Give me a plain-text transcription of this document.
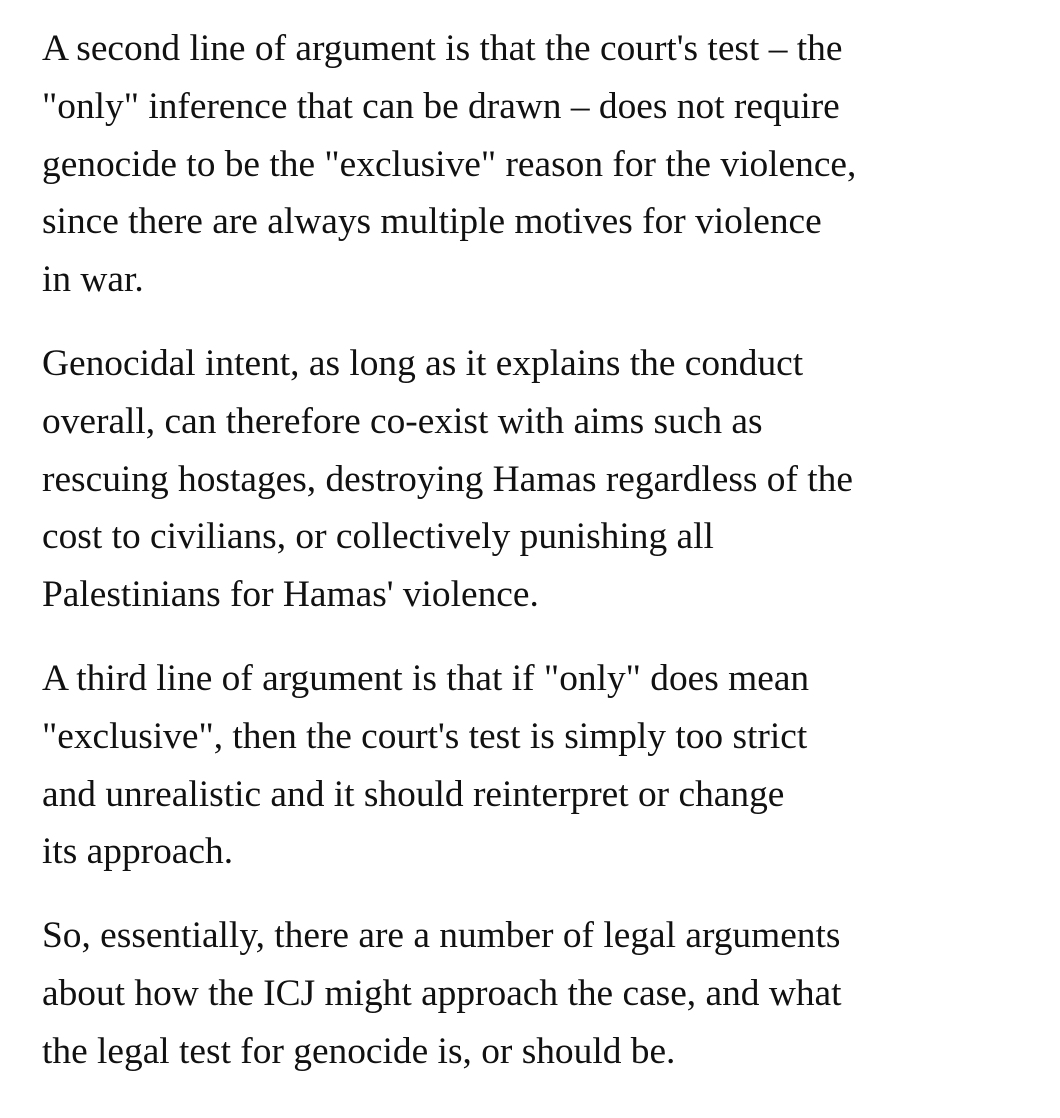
A second line of argument is that the court's test – the
"only" inference that can be drawn – does not require
genocide to be the "exclusive" reason for the violence,
since there are always multiple motives for violence
in war.

Genocidal intent, as long as it explains the conduct
overall, can therefore co-exist with aims such as
rescuing hostages, destroying Hamas regardless of the
cost to civilians, or collectively punishing all
Palestinians for Hamas' violence.

A third line of argument is that if "only" does mean
"exclusive", then the court's test is simply too strict
and unrealistic and it should reinterpret or change
its approach.

So, essentially, there are a number of legal arguments
about how the ICJ might approach the case, and what
the legal test for genocide is, or should be.
